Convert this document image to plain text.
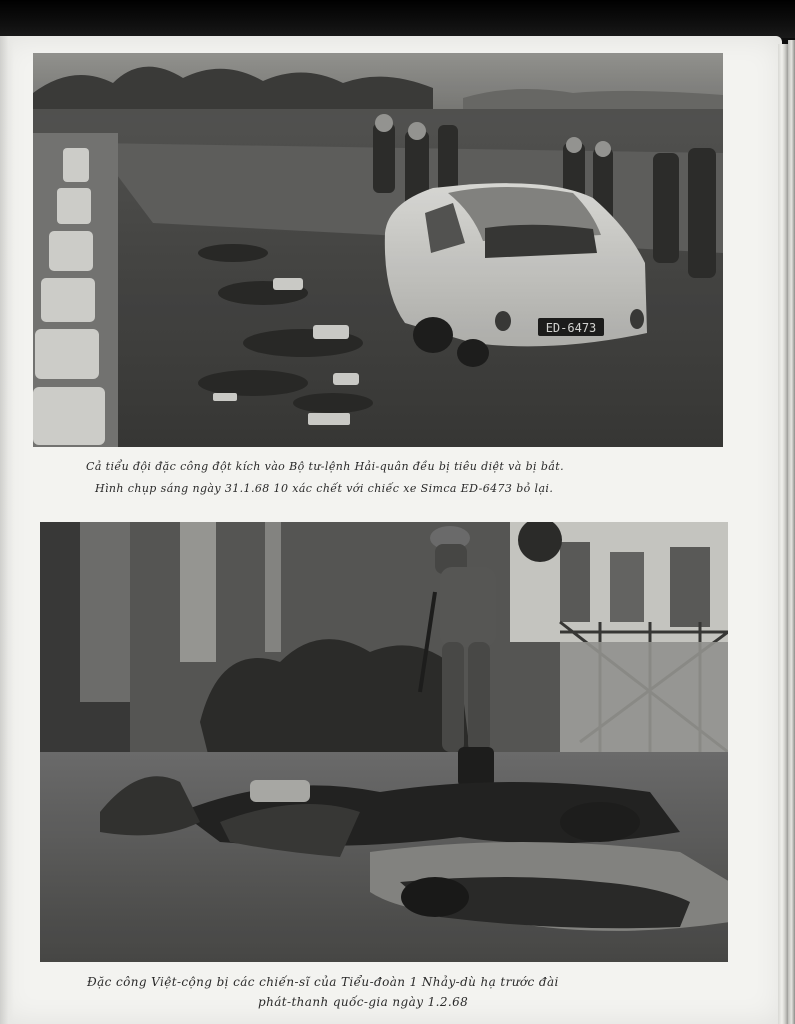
ED-6473
Cả tiểu đội đặc công đột kích vào Bộ tư-lệnh Hải-quân đều bị tiêu diệt và bị bắt.
Hình chụp sáng ngày 31.1.68 10 xác chết với chiếc xe Simca ED-6473 bỏ lại.
Đặc công Việt-cộng bị các chiến-sĩ của Tiểu-đoàn 1 Nhảy-dù hạ trước đài
phát-thanh quốc-gia ngày 1.2.68
